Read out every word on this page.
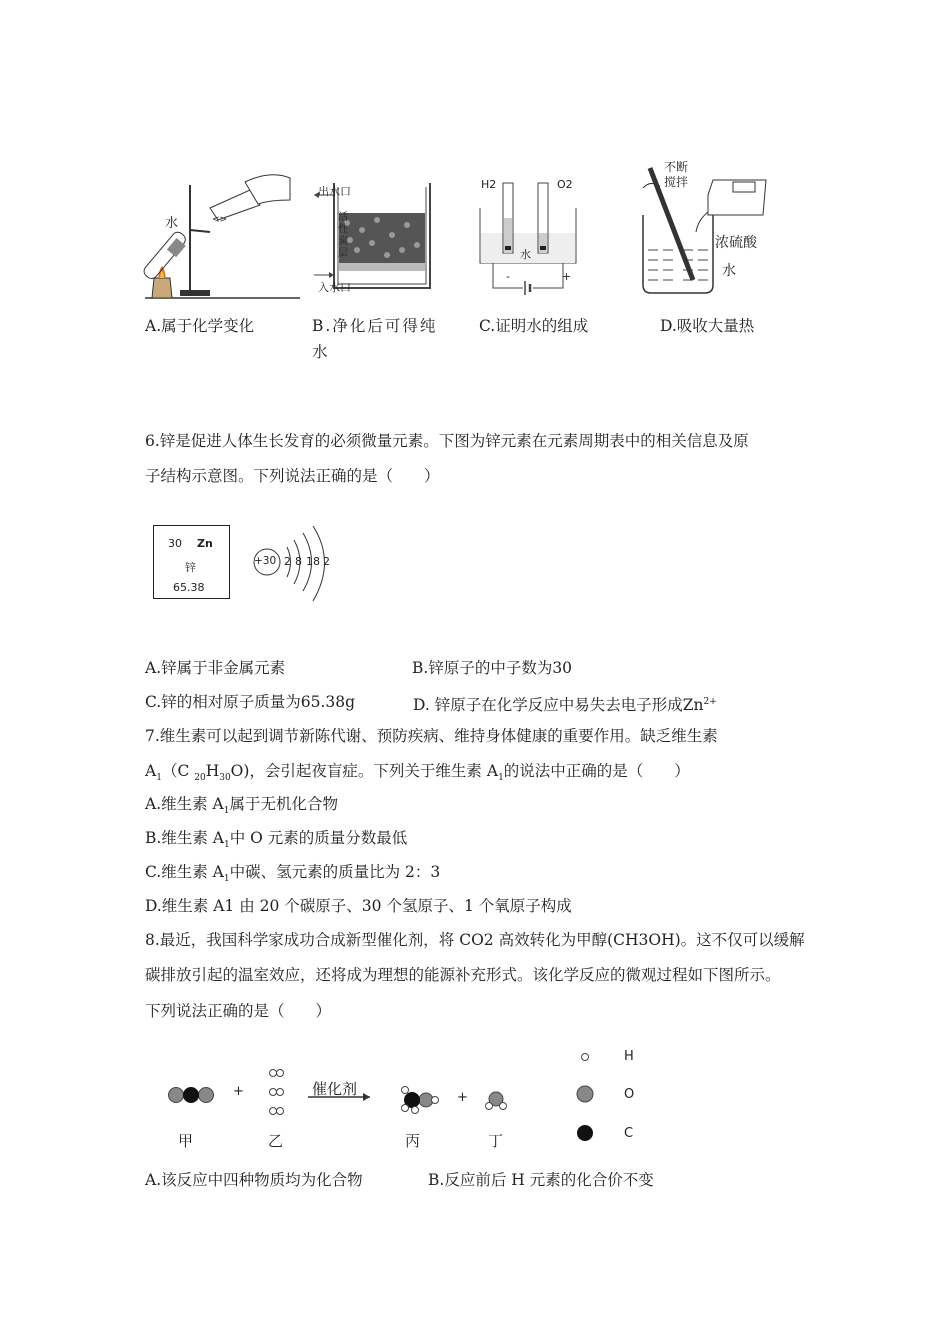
<>
水
出水口
入水口
活性炭层
H2	O2
水
-	+
不断
搅拌
浓硫酸
水
A.属于化学变化	B.净化后可得纯
水
C.证明水的组成	D.吸收大量热
6.锌是促进人体生长发育的必须微量元素。下图为锌元素在元素周期表中的相关信息及原
子结构示意图。下列说法正确的是（　　）
30 Zn
锌
65.38
+30 2 8 18 2
A.锌属于非金属元素	B.锌原子的中子数为30
C.锌的相对原子质量为65.38g	D. 锌原子在化学反应中易失去电子形成$Zn^{2+}$
7.维生素可以起到调节新陈代谢、预防疾病、维持身体健康的重要作用。缺乏维生素
$A_1(C$ $_{20}H_{30}O$)，会引起夜盲症。下列关于维生素 $A_1$的说法中正确的是（　　）
A.维生素 $A_1$属于无机化合物
B.维生素 $A_1$中 O 元素的质量分数最低
C.维生素 $A_1$中碳、氢元素的质量比为 2：3
D.维生素 A1 由 20 个碳原子、30 个氢原子、1 个氧原子构成
8.最近，我国科学家成功合成新型催化剂，将 CO2 高效转化为甲醇(CH3OH)。这不仅可以缓解
碳排放引起的温室效应，还将成为理想的能源补充形式。该化学反应的微观过程如下图所示。
下列说法正确的是（　　）
+	+
催化剂
甲	乙	丙	丁
H
O
C
A.该反应中四种物质均为化合物	B.反应前后 H 元素的化合价不变
